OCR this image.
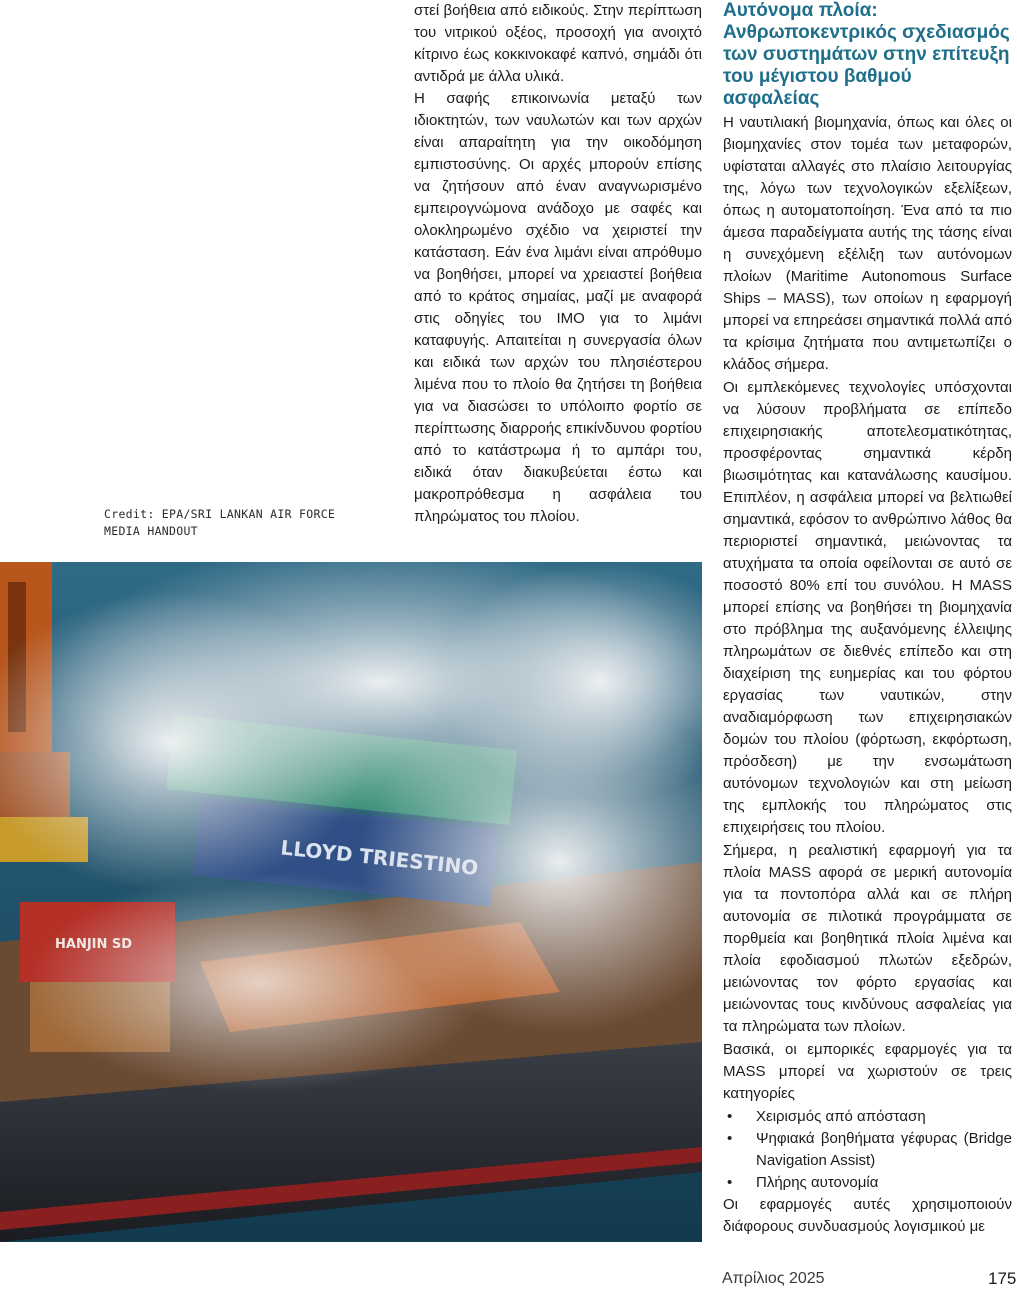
Credit: EPA/SRI LANKAN AIR FORCE
MEDIA HANDOUT

στεί βοήθεια από ειδικούς. Στην περίπτωση του νιτρικού οξέος, προσοχή για ανοιχτό κίτρινο έως κοκκινοκαφέ καπνό, σημάδι ότι αντιδρά με άλλα υλικά.

Η σαφής επικοινωνία μεταξύ των ιδιοκτητών, των ναυλωτών και των αρχών είναι απαραίτητη για την οικοδόμηση εμπιστοσύνης. Οι αρχές μπορούν επίσης να ζητήσουν από έναν αναγνωρισμένο εμπειρογνώμονα ανάδοχο με σαφές και ολοκληρωμένο σχέδιο να χειριστεί την κατάσταση. Εάν ένα λιμάνι είναι απρόθυμο να βοηθήσει, μπορεί να χρειαστεί βοήθεια από το κράτος σημαίας, μαζί με αναφορά στις οδηγίες του IMO για το λιμάνι καταφυγής. Απαιτείται η συνεργασία όλων και ειδικά των αρχών του πλησιέστερου λιμένα που το πλοίο θα ζητήσει τη βοήθεια για να διασώσει το υπόλοιπο φορτίο σε περίπτωσης διαρροής επικίνδυνου φορτίου από το κατάστρωμα ή το αμπάρι του, ειδικά όταν διακυβεύεται έστω και μακροπρόθεσμα η ασφάλεια του πληρώματος του πλοίου.

Αυτόνομα πλοία: Ανθρωποκεντρικός σχεδιασμός των συστημάτων στην επίτευξη του μέγιστου βαθμού ασφαλείας

Η ναυτιλιακή βιομηχανία, όπως και όλες οι βιομηχανίες στον τομέα των μεταφορών, υφίσταται αλλαγές στο πλαίσιο λειτουργίας της, λόγω των τεχνολογικών εξελίξεων, όπως η αυτοματοποίηση. Ένα από τα πιο άμεσα παραδείγματα αυτής της τάσης είναι η συνεχόμενη εξέλιξη των αυτόνομων πλοίων (Maritime Autonomous Surface Ships – MASS), των οποίων η εφαρμογή μπορεί να επηρεάσει σημαντικά πολλά από τα κρίσιμα ζητήματα που αντιμετωπίζει ο κλάδος σήμερα.

Οι εμπλεκόμενες τεχνολογίες υπόσχονται να λύσουν προβλήματα σε επίπεδο επιχειρησιακής αποτελεσματικότητας, προσφέροντας σημαντικά κέρδη βιωσιμότητας και κατανάλωσης καυσίμου. Επιπλέον, η ασφάλεια μπορεί να βελτιωθεί σημαντικά, εφόσον το ανθρώπινο λάθος θα περιοριστεί σημαντικά, μειώνοντας τα ατυχήματα τα οποία οφείλονται σε αυτό σε ποσοστό 80% επί του συνόλου. Η MASS μπορεί επίσης να βοηθήσει τη βιομηχανία στο πρόβλημα της αυξανόμενης έλλειψης πληρωμάτων σε διεθνές επίπεδο και στη διαχείριση της ευημερίας και του φόρτου εργασίας των ναυτικών, στην αναδιαμόρφωση των επιχειρησιακών δομών του πλοίου (φόρτωση, εκφόρτωση, πρόσδεση) με την ενσωμάτωση αυτόνομων τεχνολογιών και στη μείωση της εμπλοκής του πληρώματος στις επιχειρήσεις του πλοίου.

Σήμερα, η ρεαλιστική εφαρμογή για τα πλοία MASS αφορά σε μερική αυτονομία για τα ποντοπόρα αλλά και σε πλήρη αυτονομία σε πιλοτικά προγράμματα σε πορθμεία και βοηθητικά πλοία λιμένα και πλοία εφοδιασμού πλωτών εξεδρών, μειώνοντας τον φόρτο εργασίας και μειώνοντας τους κινδύνους ασφαλείας για τα πληρώματα των πλοίων.

Βασικά, οι εμπορικές εφαρμογές για τα MASS μπορεί να χωριστούν σε τρεις κατηγορίες

• Χειρισμός από απόσταση
• Ψηφιακά βοηθήματα γέφυρας (Bridge Navigation Assist)
• Πλήρης αυτονομία

Οι εφαρμογές αυτές χρησιμοποιούν διάφορους συνδυασμούς λογισμικού με

LLOYD
Απρίλιος 2025	175
